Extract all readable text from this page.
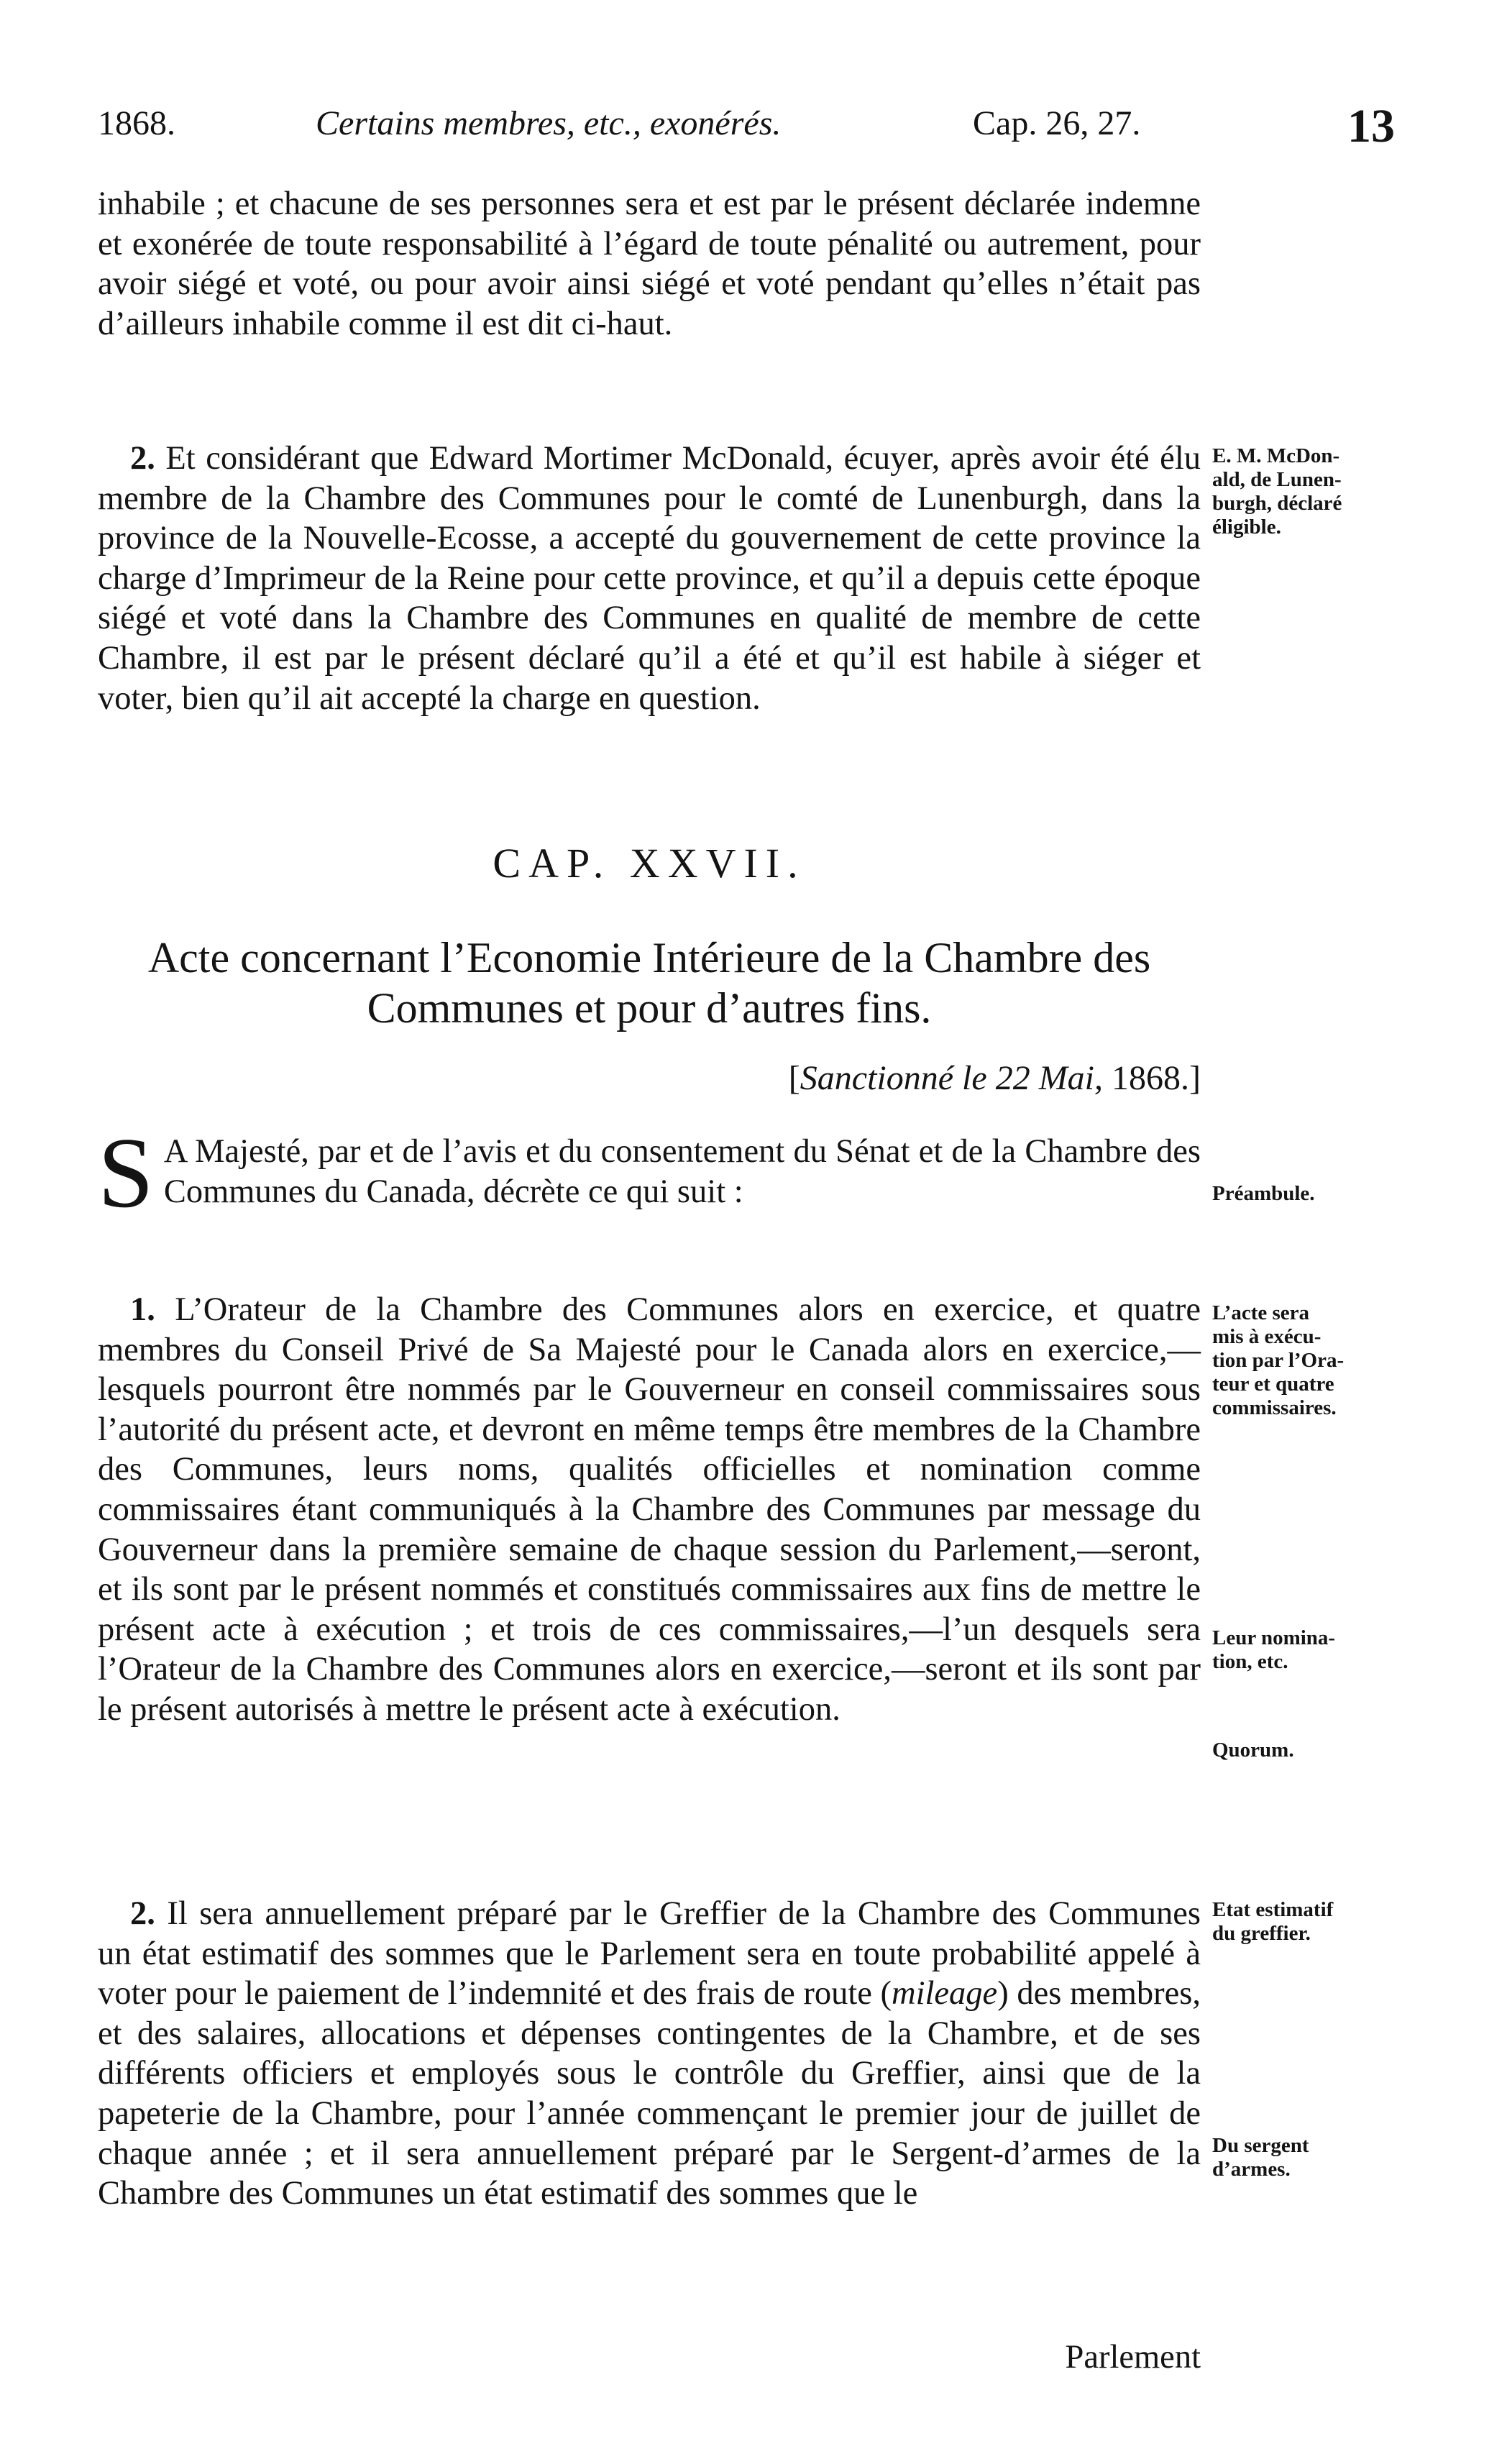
1868.	Certains membres, etc., exonérés.	Cap. 26, 27.	13

inhabile ; et chacune de ses personnes sera et est par le présent déclarée indemne et exonérée de toute responsabilité à l’égard de toute pénalité ou autrement, pour avoir siégé et voté, ou pour avoir ainsi siégé et voté pendant qu’elles n’était pas d’ailleurs inhabile comme il est dit ci-haut.

2. Et considérant que Edward Mortimer McDonald, écuyer, après avoir été élu membre de la Chambre des Communes pour le comté de Lunenburgh, dans la province de la Nouvelle-Ecosse, a accepté du gouvernement de cette province la charge d’Imprimeur de la Reine pour cette province, et qu’il a depuis cette époque siégé et voté dans la Chambre des Communes en qualité de membre de cette Chambre, il est par le présent déclaré qu’il a été et qu’il est habile à siéger et voter, bien qu’il ait accepté la charge en question.

CAP. XXVII.
Acte concernant l’Economie Intérieure de la Chambre des Communes et pour d’autres fins.
[Sanctionné le 22 Mai, 1868.]

S A Majesté, par et de l’avis et du consentement du Sénat et de la Chambre des Communes du Canada, décrète ce qui suit :

1. L’Orateur de la Chambre des Communes alors en exercice, et quatre membres du Conseil Privé de Sa Majesté pour le Canada alors en exercice,—lesquels pourront être nommés par le Gouverneur en conseil commissaires sous l’autorité du présent acte, et devront en même temps être membres de la Chambre des Communes, leurs noms, qualités officielles et nomination comme commissaires étant communiqués à la Chambre des Communes par message du Gouverneur dans la première semaine de chaque session du Parlement,—seront, et ils sont par le présent nommés et constitués commissaires aux fins de mettre le présent acte à exécution ; et trois de ces commissaires,—l’un desquels sera l’Orateur de la Chambre des Communes alors en exercice,—seront et ils sont par le présent autorisés à mettre le présent acte à exécution.

2. Il sera annuellement préparé par le Greffier de la Chambre des Communes un état estimatif des sommes que le Parlement sera en toute probabilité appelé à voter pour le paiement de l’indemnité et des frais de route (mileage) des membres, et des salaires, allocations et dépenses contingentes de la Chambre, et de ses différents officiers et employés sous le contrôle du Greffier, ainsi que de la papeterie de la Chambre, pour l’année commençant le premier jour de juillet de chaque année ; et il sera annuellement préparé par le Sergent-d’armes de la Chambre des Communes un état estimatif des sommes que le

Parlement
E. M. McDon-
ald, de Lunen-
burgh, déclaré
éligible.
Préambule.
L’acte sera
mis à exécu-
tion par l’Ora-
teur et quatre
commissaires.
Leur nomina-
tion, etc.
Quorum.
Etat estimatif
du greffier.
Du sergent
d’armes.
